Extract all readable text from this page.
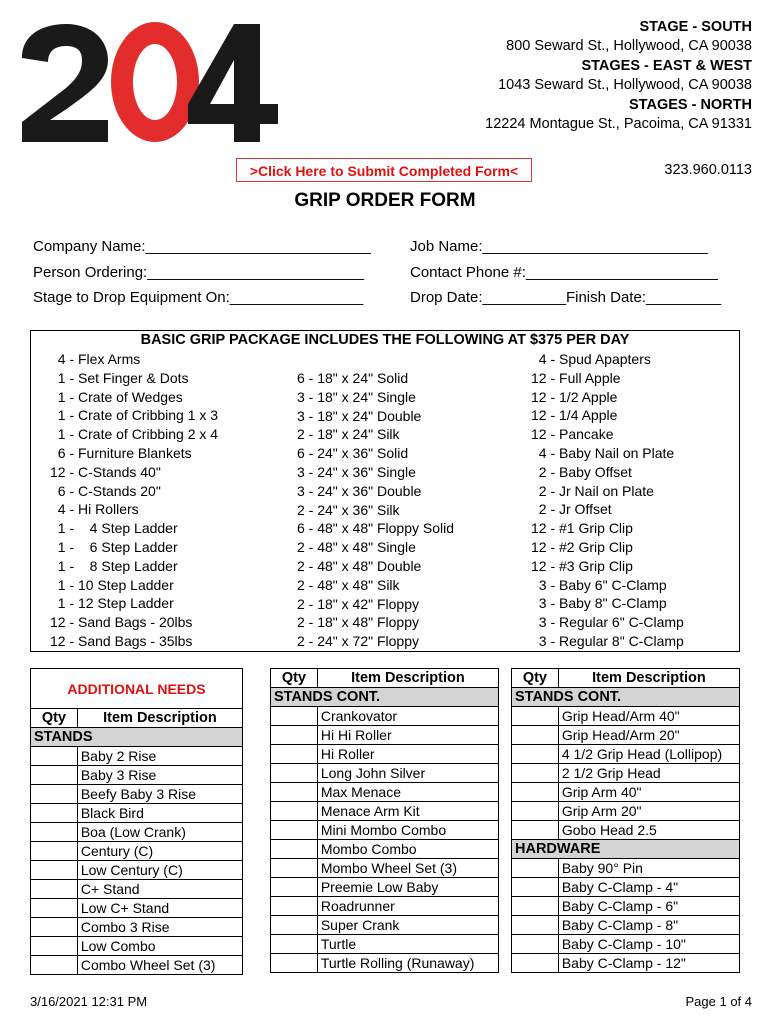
STAGE - SOUTH
800 Seward St., Hollywood, CA 90038
STAGES - EAST & WEST
1043 Seward St., Hollywood, CA 90038
STAGES - NORTH
12224 Montague St., Pacoima, CA 91331
>Click Here to Submit Completed Form<	323.960.0113
GRIP ORDER FORM
Company Name:___________________________	Job Name:___________________________
Person Ordering:__________________________	Contact Phone #:_______________________
Stage to Drop Equipment On:________________	Drop Date:__________Finish Date:_________
BASIC GRIP PACKAGE INCLUDES THE FOLLOWING AT $375 PER DAY
4 - Flex Arms
1 - Set Finger & Dots
1 - Crate of Wedges
1 - Crate of Cribbing 1 x 3
1 - Crate of Cribbing 2 x 4
6 - Furniture Blankets
12 - C-Stands 40"
6 - C-Stands 20"
4 - Hi Rollers
1 -    4 Step Ladder
1 -    6 Step Ladder
1 -    8 Step Ladder
1 - 10 Step Ladder
1 - 12 Step Ladder
12 - Sand Bags - 20lbs
12 - Sand Bags - 35lbs
6 - 18" x 24" Solid
3 - 18" x 24" Single
3 - 18" x 24" Double
2 - 18" x 24" Silk
6 - 24" x 36" Solid
3 - 24" x 36" Single
3 - 24" x 36" Double
2 - 24" x 36" Silk
6 - 48" x 48" Floppy Solid
2 - 48" x 48" Single
2 - 48" x 48" Double
2 - 48" x 48" Silk
2 - 18" x 42" Floppy
2 - 18" x 48" Floppy
2 - 24" x 72" Floppy
4 - Spud Apapters
12 - Full Apple
12 - 1/2 Apple
12 - 1/4 Apple
12 - Pancake
4 - Baby Nail on Plate
2 - Baby Offset
2 - Jr Nail on Plate
2 - Jr Offset
12 - #1 Grip Clip
12 - #2 Grip Clip
12 - #3 Grip Clip
3 - Baby 6" C-Clamp
3 - Baby 8" C-Clamp
3 - Regular 6" C-Clamp
3 - Regular 8" C-Clamp
ADDITIONAL NEEDS	
Qty	Item Description
STANDS	
	Baby 2 Rise
	Baby 3 Rise
	Beefy Baby 3 Rise
	Black Bird
	Boa (Low Crank)
	Century (C)
	Low Century (C)
	C+ Stand
	Low C+ Stand
	Combo 3 Rise
	Low Combo
	Combo Wheel Set (3)
Qty	Item Description
STANDS CONT.	
	Crankovator
	Hi Hi Roller
	Hi Roller
	Long John Silver
	Max Menace
	Menace Arm Kit
	Mini Mombo Combo
	Mombo Combo
	Mombo Wheel Set (3)
	Preemie Low Baby
	Roadrunner
	Super Crank
	Turtle
	Turtle Rolling (Runaway)
Qty	Item Description
STANDS CONT.	
	Grip Head/Arm 40"
	Grip Head/Arm 20"
	4 1/2 Grip Head (Lollipop)
	2 1/2 Grip Head
	Grip Arm 40"
	Grip Arm 20"
	Gobo Head 2.5
HARDWARE	
	Baby 90° Pin
	Baby C-Clamp - 4"
	Baby C-Clamp - 6"
	Baby C-Clamp - 8"
	Baby C-Clamp - 10"
	Baby C-Clamp - 12"
3/16/2021 12:31 PM	Page 1 of 4
